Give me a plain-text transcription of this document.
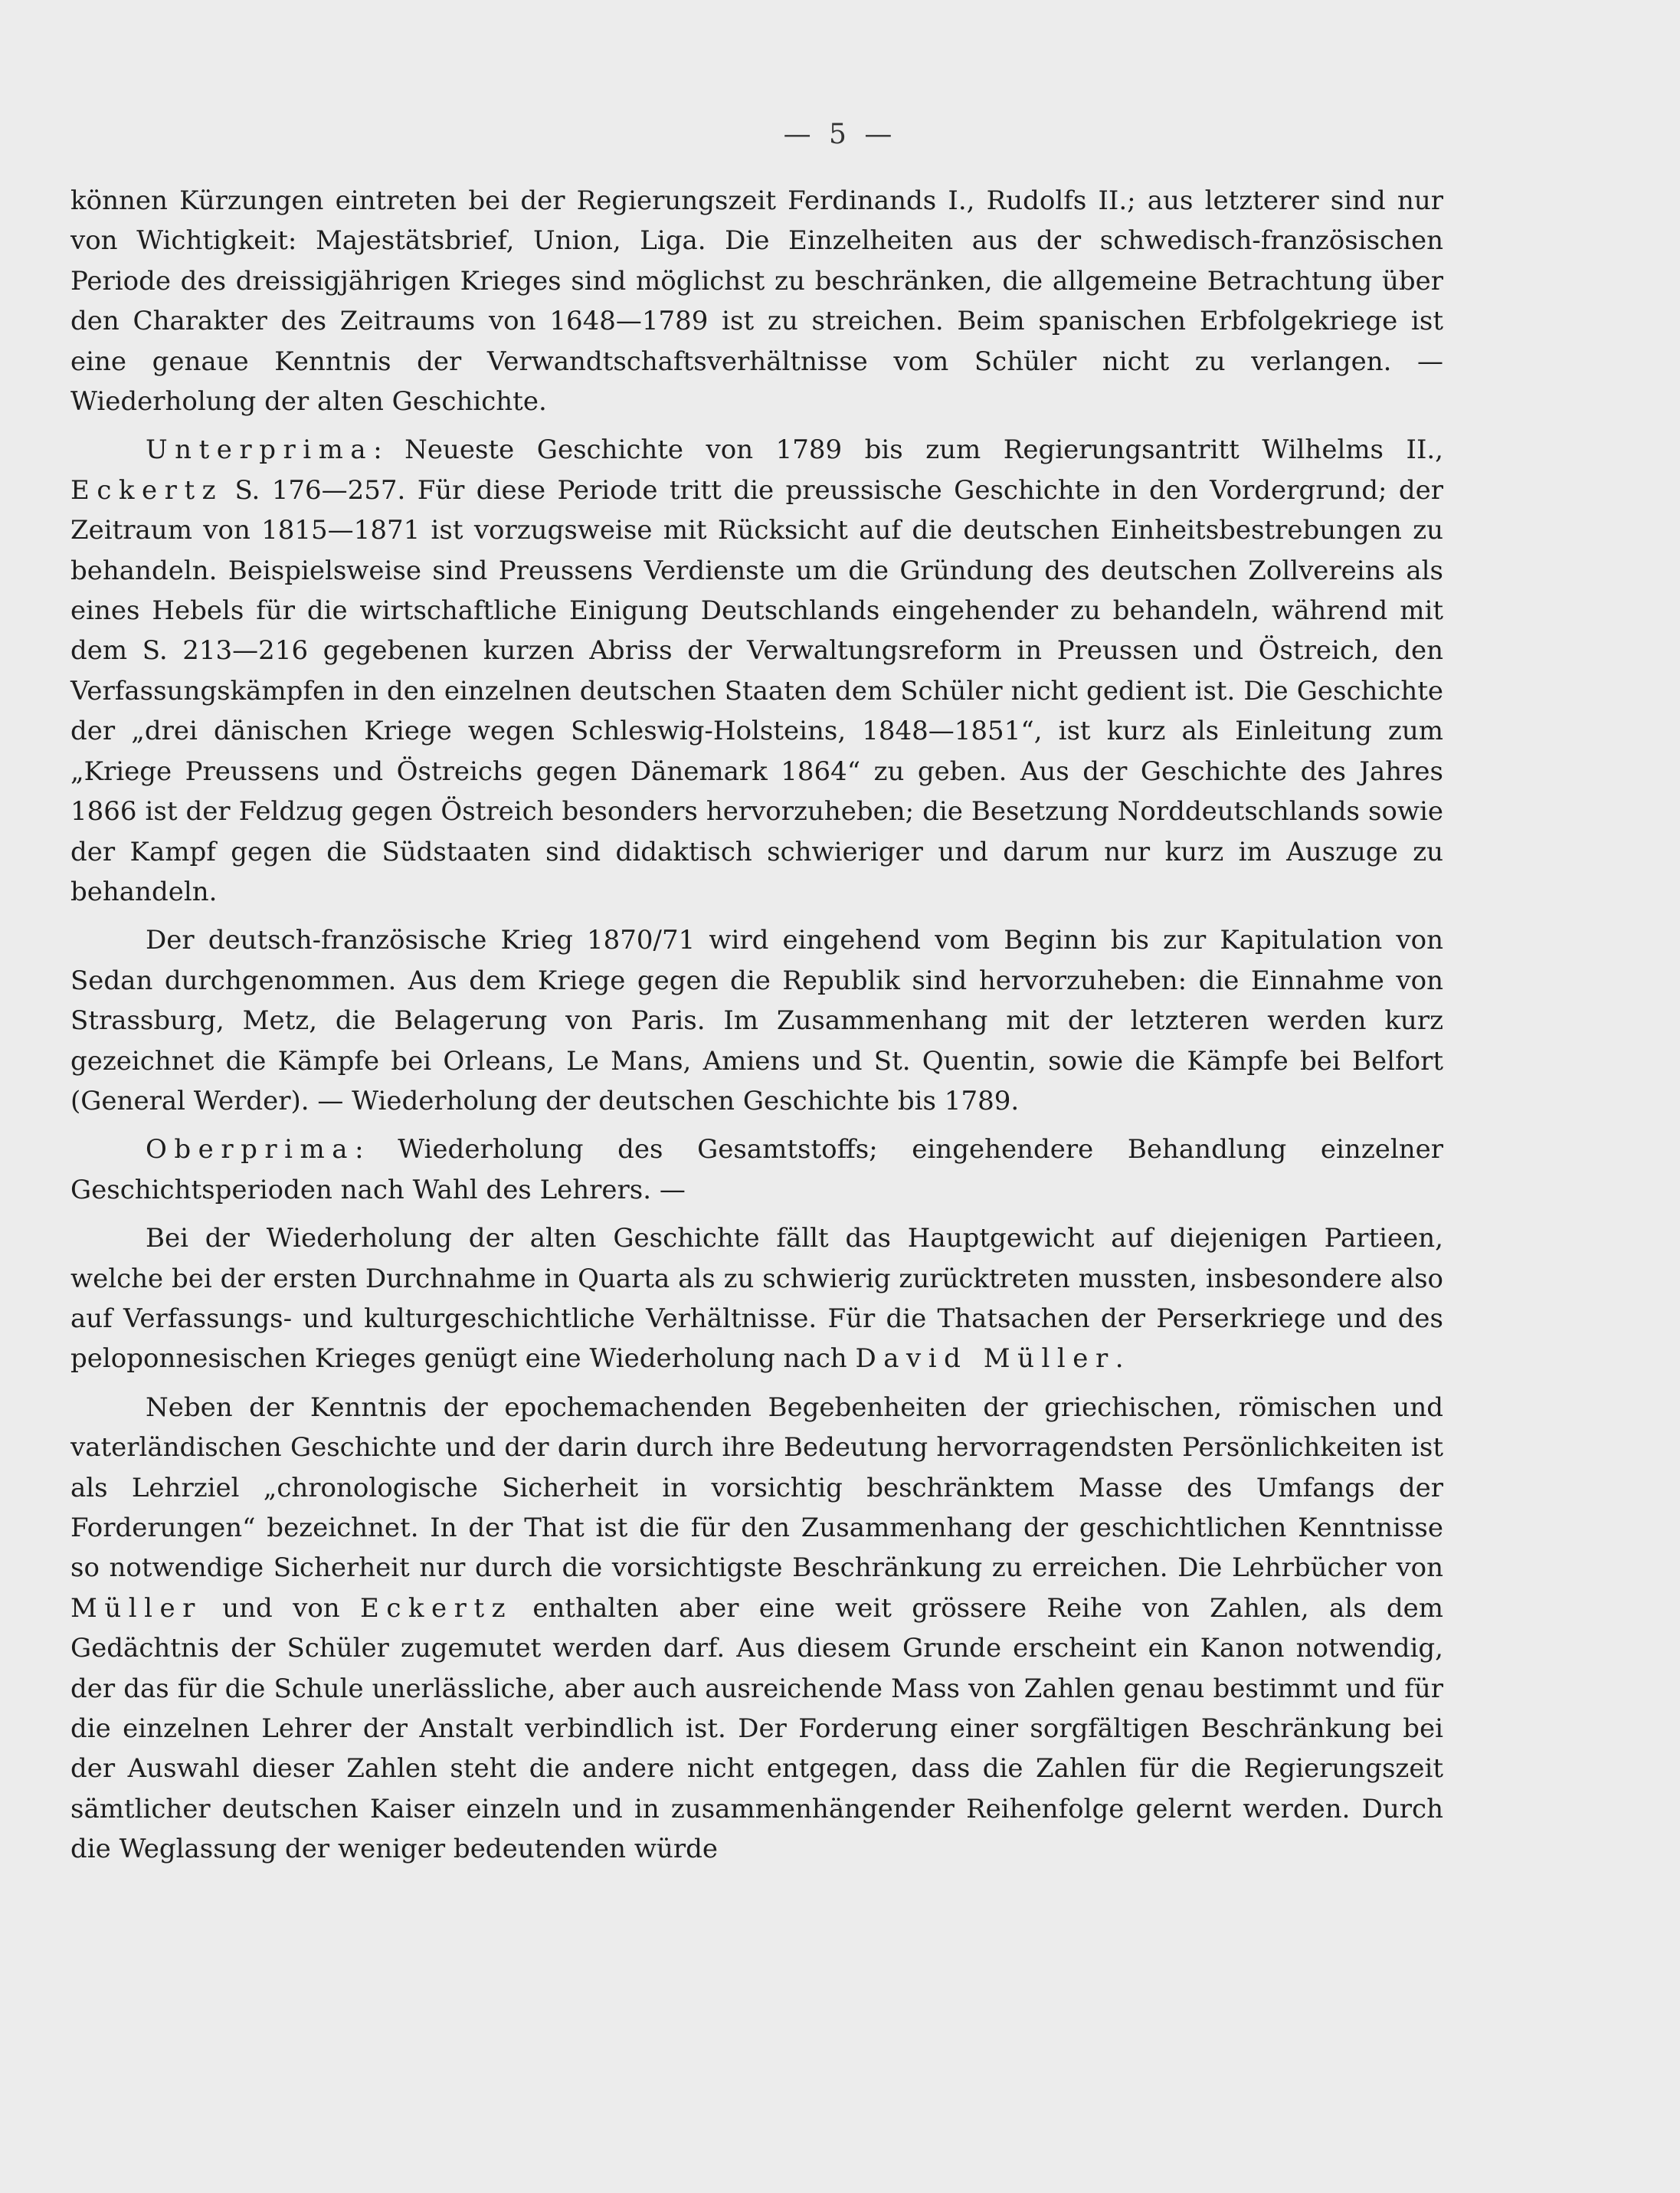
— 5 —

können Kürzungen eintreten bei der Regierungszeit Ferdinands I., Rudolfs II.; aus letzterer sind nur von Wichtigkeit: Majestätsbrief, Union, Liga. Die Einzelheiten aus der schwedisch-französischen Periode des dreissigjährigen Krieges sind möglichst zu beschränken, die allgemeine Betrachtung über den Charakter des Zeitraums von 1648—1789 ist zu streichen. Beim spanischen Erbfolgekriege ist eine genaue Kenntnis der Verwandtschaftsverhältnisse vom Schüler nicht zu verlangen. — Wiederholung der alten Geschichte.

Unterprima: Neueste Geschichte von 1789 bis zum Regierungsantritt Wilhelms II., Eckertz S. 176—257. Für diese Periode tritt die preussische Geschichte in den Vordergrund; der Zeitraum von 1815—1871 ist vorzugsweise mit Rücksicht auf die deutschen Einheitsbestrebungen zu behandeln. Beispielsweise sind Preussens Verdienste um die Gründung des deutschen Zollvereins als eines Hebels für die wirtschaftliche Einigung Deutschlands eingehender zu behandeln, während mit dem S. 213—216 gegebenen kurzen Abriss der Verwaltungsreform in Preussen und Östreich, den Verfassungskämpfen in den einzelnen deutschen Staaten dem Schüler nicht gedient ist. Die Geschichte der „drei dänischen Kriege wegen Schleswig-Holsteins, 1848—1851“, ist kurz als Einleitung zum „Kriege Preussens und Östreichs gegen Dänemark 1864“ zu geben. Aus der Geschichte des Jahres 1866 ist der Feldzug gegen Östreich besonders hervorzuheben; die Besetzung Norddeutschlands sowie der Kampf gegen die Südstaaten sind didaktisch schwieriger und darum nur kurz im Auszuge zu behandeln.

Der deutsch-französische Krieg 1870/71 wird eingehend vom Beginn bis zur Kapitulation von Sedan durchgenommen. Aus dem Kriege gegen die Republik sind hervorzuheben: die Einnahme von Strassburg, Metz, die Belagerung von Paris. Im Zusammenhang mit der letzteren werden kurz gezeichnet die Kämpfe bei Orleans, Le Mans, Amiens und St. Quentin, sowie die Kämpfe bei Belfort (General Werder). — Wiederholung der deutschen Geschichte bis 1789.

Oberprima: Wiederholung des Gesamtstoffs; eingehendere Behandlung einzelner Geschichtsperioden nach Wahl des Lehrers. —

Bei der Wiederholung der alten Geschichte fällt das Hauptgewicht auf diejenigen Partieen, welche bei der ersten Durchnahme in Quarta als zu schwierig zurücktreten mussten, insbesondere also auf Verfassungs- und kulturgeschichtliche Verhältnisse. Für die Thatsachen der Perserkriege und des peloponnesischen Krieges genügt eine Wiederholung nach David Müller.

Neben der Kenntnis der epochemachenden Begebenheiten der griechischen, römischen und vaterländischen Geschichte und der darin durch ihre Bedeutung hervorragendsten Persönlichkeiten ist als Lehrziel „chronologische Sicherheit in vorsichtig beschränktem Masse des Umfangs der Forderungen“ bezeichnet. In der That ist die für den Zusammenhang der geschichtlichen Kenntnisse so notwendige Sicherheit nur durch die vorsichtigste Beschränkung zu erreichen. Die Lehrbücher von Müller und von Eckertz enthalten aber eine weit grössere Reihe von Zahlen, als dem Gedächtnis der Schüler zugemutet werden darf. Aus diesem Grunde erscheint ein Kanon notwendig, der das für die Schule unerlässliche, aber auch ausreichende Mass von Zahlen genau bestimmt und für die einzelnen Lehrer der Anstalt verbindlich ist. Der Forderung einer sorgfältigen Beschränkung bei der Auswahl dieser Zahlen steht die andere nicht entgegen, dass die Zahlen für die Regierungszeit sämtlicher deutschen Kaiser einzeln und in zusammenhängender Reihenfolge gelernt werden. Durch die Weglassung der weniger bedeutenden würde
